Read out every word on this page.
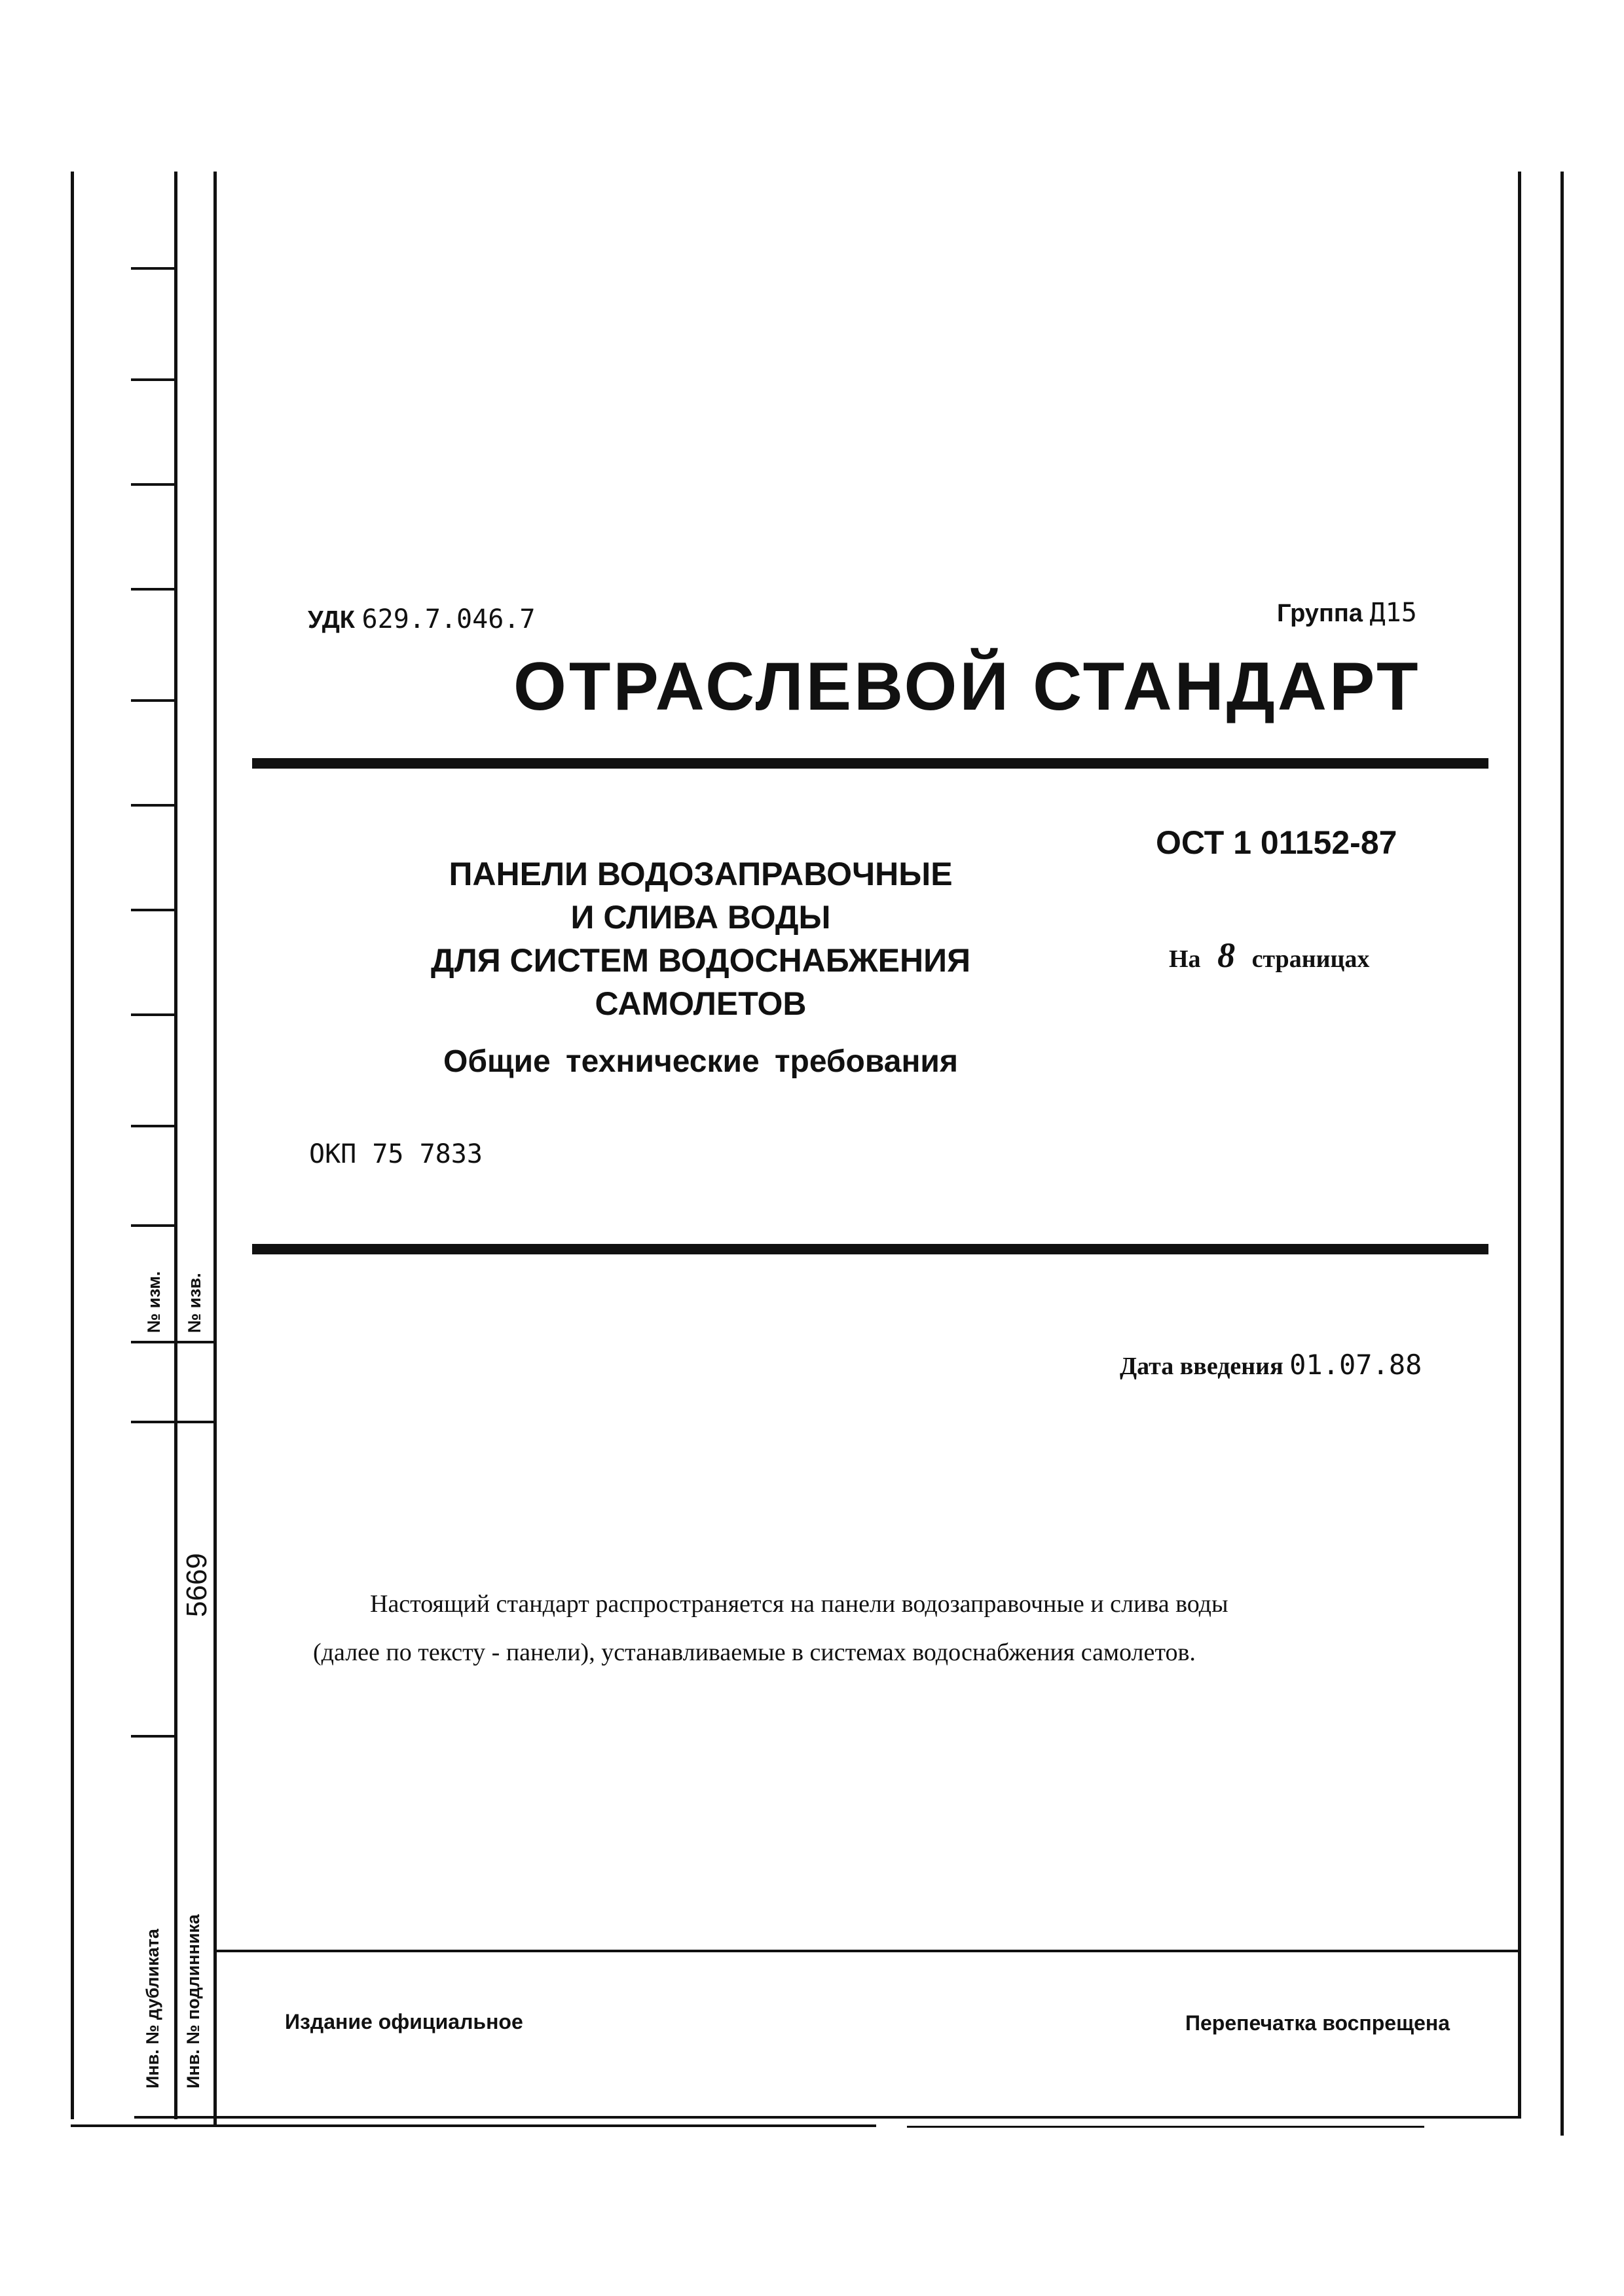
№ изм. № изв.
Инв. № дубликата Инв. № подлинника
5669
УДК 629.7.046.7	Группа Д15
ОТРАСЛЕВОЙ СТАНДАРТ
ОСТ 1 01152-87
На 8 страницах
ПАНЕЛИ ВОДОЗАПРАВОЧНЫЕ
И СЛИВА ВОДЫ
ДЛЯ СИСТЕМ ВОДОСНАБЖЕНИЯ
САМОЛЕТОВ
Общие технические требования
ОКП 75 7833
Дата введения 01.07.88
Настоящий стандарт распространяется на панели водозаправочные и слива воды
(далее по тексту - панели), устанавливаемые в системах водоснабжения самолетов.
Издание официальное	Перепечатка воспрещена
